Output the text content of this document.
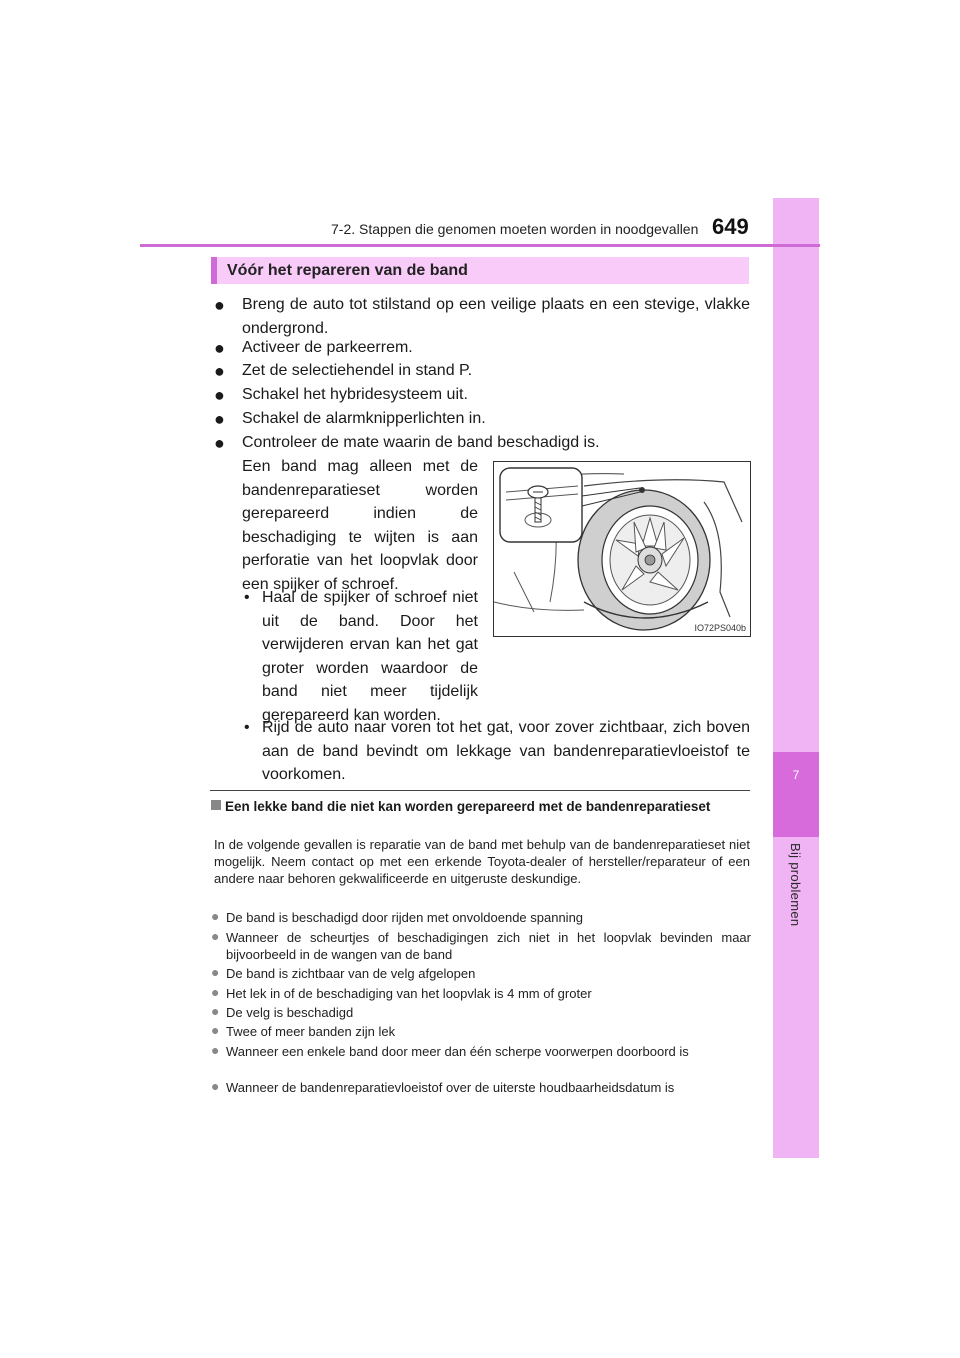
7
Bij problemen
7-2. Stappen die genomen moeten worden in noodgevallen 649
Vóór het repareren van de band
● Breng de auto tot stilstand op een veilige plaats en een stevige, vlakke ondergrond.
● Activeer de parkeerrem.
● Zet de selectiehendel in stand P.
● Schakel het hybridesysteem uit.
● Schakel de alarmknipperlichten in.
● Controleer de mate waarin de band beschadigd is.
Een band mag alleen met de bandenreparatieset worden gerepareerd indien de beschadiging te wijten is aan perforatie van het loopvlak door een spijker of schroef.
• Haal de spijker of schroef niet uit de band. Door het verwijderen ervan kan het gat groter worden waardoor de band niet meer tijdelijk gerepareerd kan worden.
• Rijd de auto naar voren tot het gat, voor zover zichtbaar, zich boven aan de band bevindt om lekkage van bandenreparatievloeistof te voorkomen.
IO72PS040b
Een lekke band die niet kan worden gerepareerd met de bandenreparatieset
In de volgende gevallen is reparatie van de band met behulp van de bandenreparatieset niet mogelijk. Neem contact op met een erkende Toyota-dealer of hersteller/reparateur of een andere naar behoren gekwalificeerde en uitgeruste deskundige.
● De band is beschadigd door rijden met onvoldoende spanning
● Wanneer de scheurtjes of beschadigingen zich niet in het loopvlak bevinden maar bijvoorbeeld in de wangen van de band
● De band is zichtbaar van de velg afgelopen
● Het lek in of de beschadiging van het loopvlak is 4 mm of groter
● De velg is beschadigd
● Twee of meer banden zijn lek
● Wanneer een enkele band door meer dan één scherpe voorwerpen doorboord is
● Wanneer de bandenreparatievloeistof over de uiterste houdbaarheidsdatum is
